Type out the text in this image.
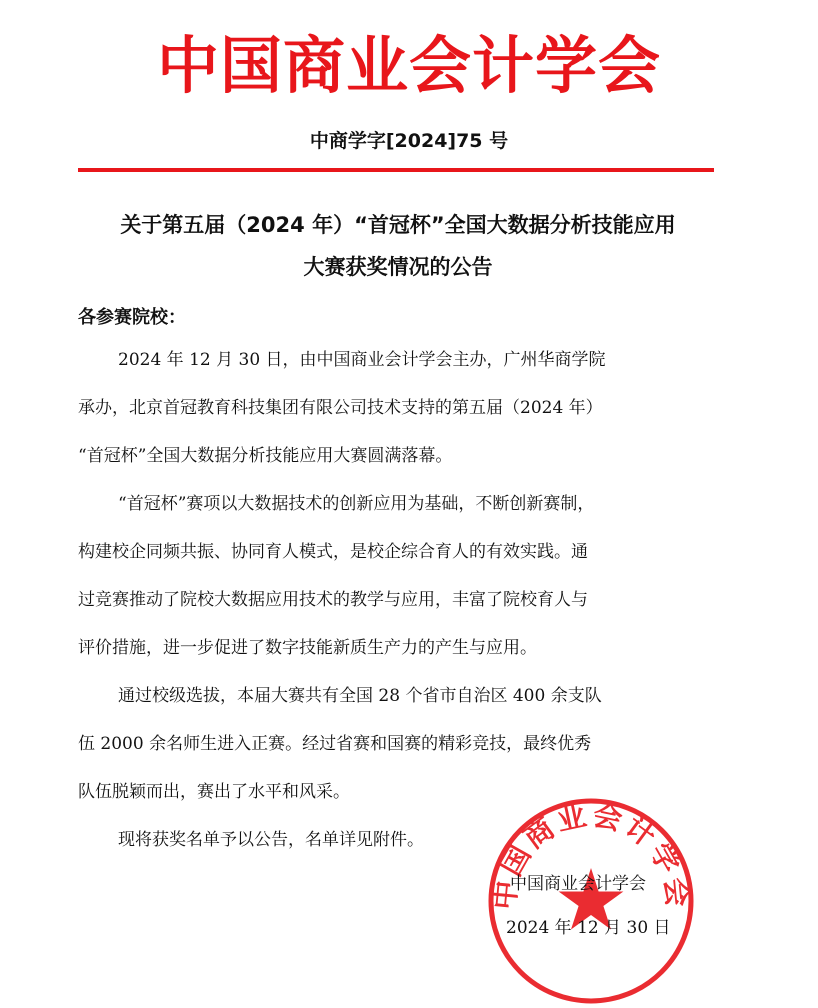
中国商业会计学会
中商学字[2024]75 号
关于第五届（2024 年）“首冠杯”全国大数据分析技能应用
大赛获奖情况的公告
各参赛院校：
2024 年 12 月 30 日，由中国商业会计学会主办，广州华商学院
承办，北京首冠教育科技集团有限公司技术支持的第五届（2024 年）
“首冠杯”全国大数据分析技能应用大赛圆满落幕。
“首冠杯”赛项以大数据技术的创新应用为基础，不断创新赛制，
构建校企同频共振、协同育人模式，是校企综合育人的有效实践。通
过竞赛推动了院校大数据应用技术的教学与应用，丰富了院校育人与
评价措施，进一步促进了数字技能新质生产力的产生与应用。
通过校级选拔，本届大赛共有全国 28 个省市自治区 400 余支队
伍 2000 余名师生进入正赛。经过省赛和国赛的精彩竞技，最终优秀
队伍脱颖而出，赛出了水平和风采。
现将获奖名单予以公告，名单详见附件。
中国商业会计学会
中国商业会计学会
2024 年 12 月 30 日
